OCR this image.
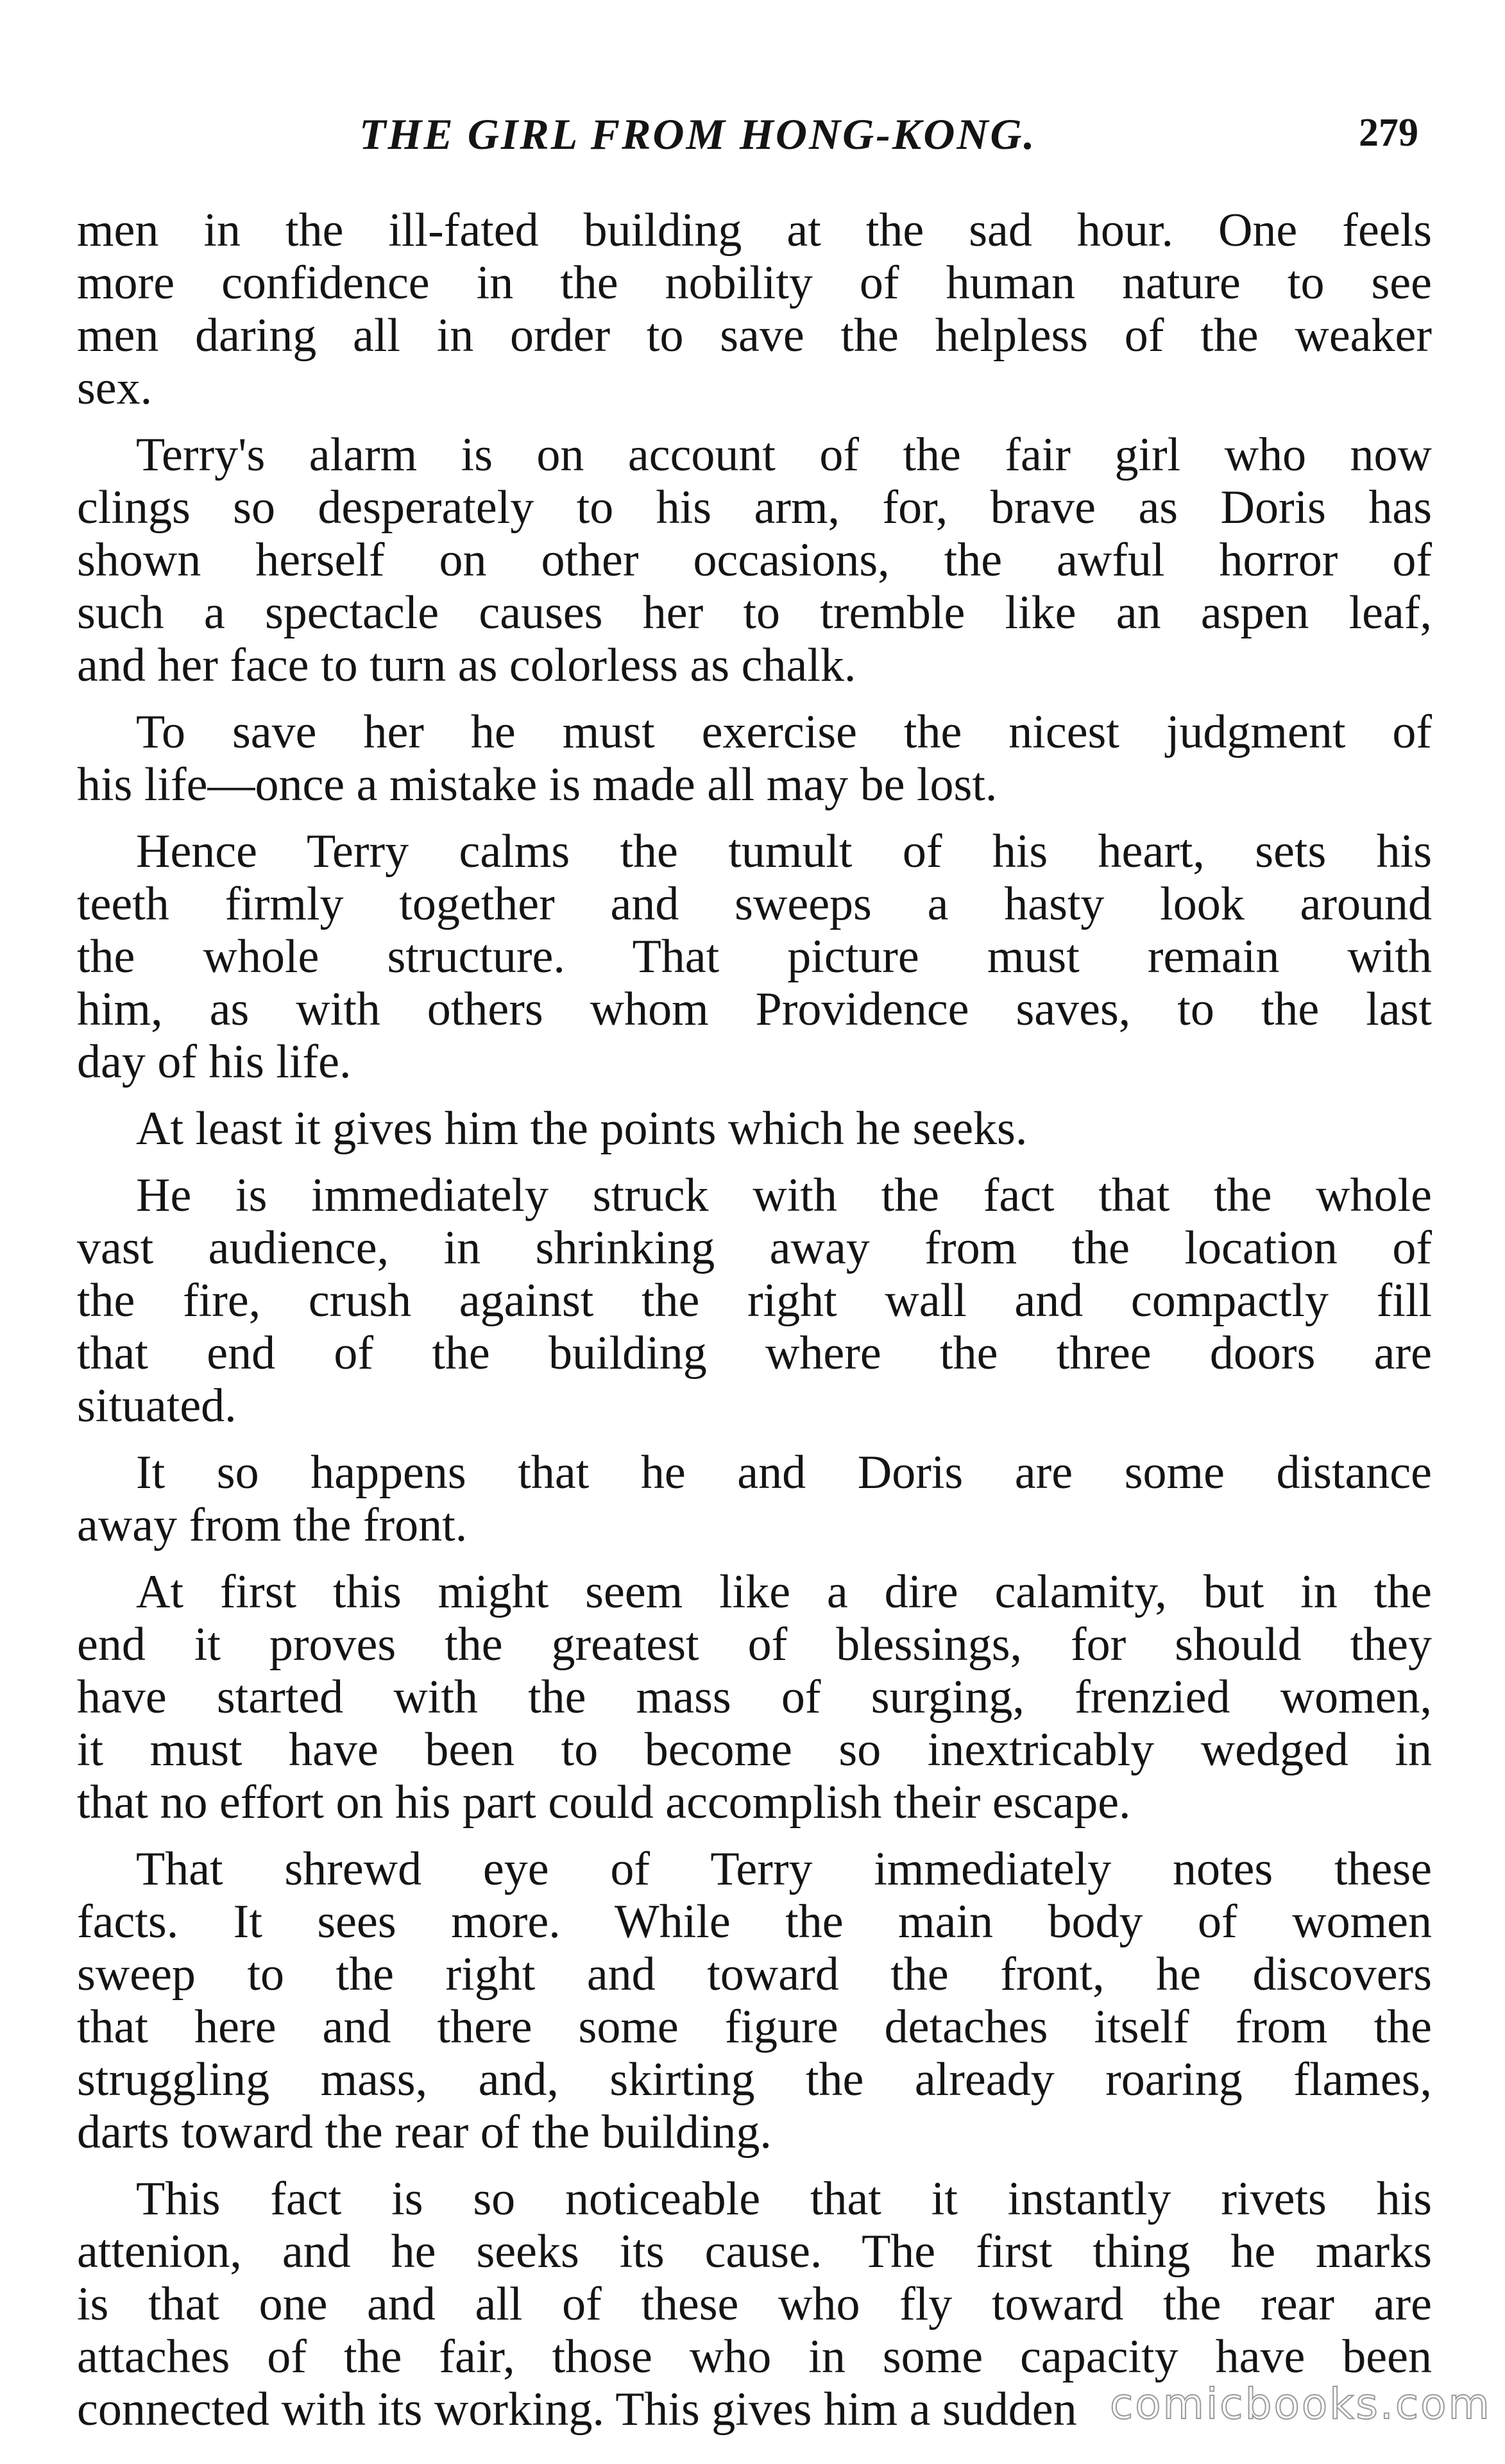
THE GIRL FROM HONG-KONG.	279
men in the ill-fated building at the sad hour. One feels
more confidence in the nobility of human nature to see
men daring all in order to save the helpless of the weaker
sex.
Terry's alarm is on account of the fair girl who now
clings so desperately to his arm, for, brave as Doris has
shown herself on other occasions, the awful horror of
such a spectacle causes her to tremble like an aspen leaf,
and her face to turn as colorless as chalk.
To save her he must exercise the nicest judgment of
his life—once a mistake is made all may be lost.
Hence Terry calms the tumult of his heart, sets his
teeth firmly together and sweeps a hasty look around
the whole structure. That picture must remain with
him, as with others whom Providence saves, to the last
day of his life.
At least it gives him the points which he seeks.
He is immediately struck with the fact that the whole
vast audience, in shrinking away from the location of
the fire, crush against the right wall and compactly fill
that end of the building where the three doors are
situated.
It so happens that he and Doris are some distance
away from the front.
At first this might seem like a dire calamity, but in the
end it proves the greatest of blessings, for should they
have started with the mass of surging, frenzied women,
it must have been to become so inextricably wedged in
that no effort on his part could accomplish their escape.
That shrewd eye of Terry immediately notes these
facts. It sees more. While the main body of women
sweep to the right and toward the front, he discovers
that here and there some figure detaches itself from the
struggling mass, and, skirting the already roaring flames,
darts toward the rear of the building.
This fact is so noticeable that it instantly rivets his
attenion, and he seeks its cause. The first thing he marks
is that one and all of these who fly toward the rear are
attaches of the fair, those who in some capacity have been
connected with its working. This gives him a sudden comicbooks.com
